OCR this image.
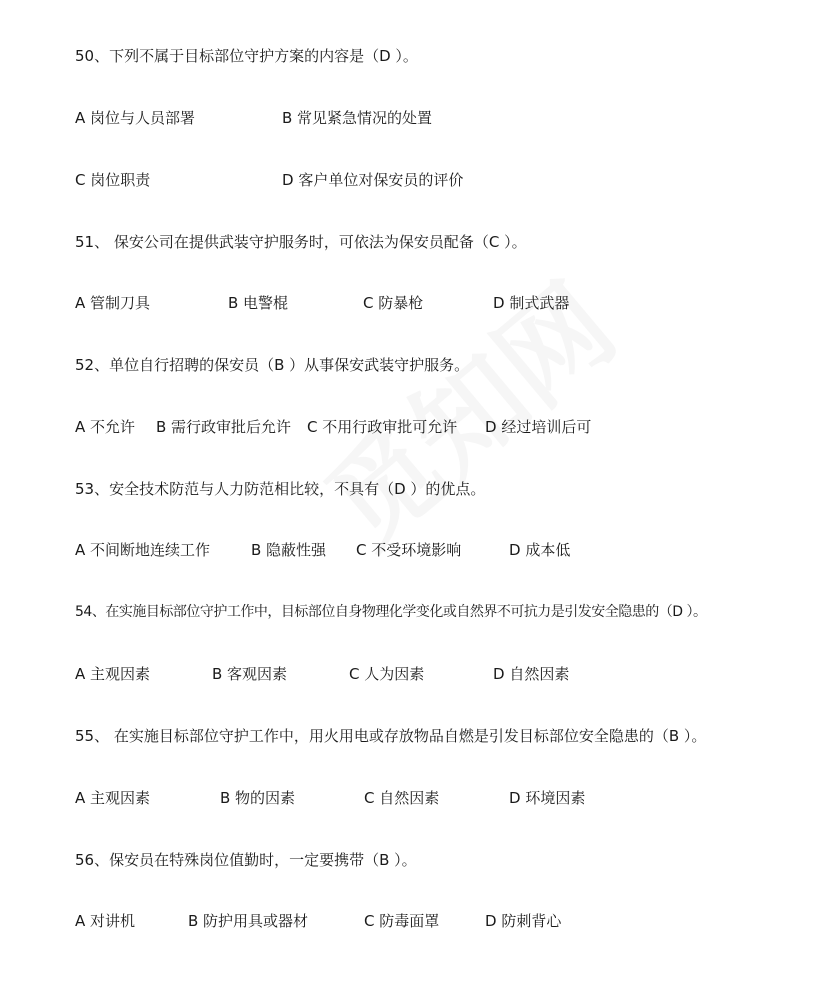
50、下列不属于目标部位守护方案的内容是（D ）。
A 岗位与人员部署	B 常见紧急情况的处置
C 岗位职责	D 客户单位对保安员的评价
51、 保安公司在提供武装守护服务时，可依法为保安员配备（C ）。
A 管制刀具	B 电警棍	C 防暴枪	D 制式武器
52、单位自行招聘的保安员（B ）从事保安武装守护服务。
A 不允许 B 需行政审批后允许 C 不用行政审批可允许 D 经过培训后可
53、安全技术防范与人力防范相比较，不具有（D ）的优点。
A 不间断地连续工作	B 隐蔽性强 C 不受环境影响	D 成本低
54、在实施目标部位守护工作中，目标部位自身物理化学变化或自然界不可抗力是引发安全隐患的（D ）。
A 主观因素	B 客观因素	C 人为因素	D 自然因素
55、 在实施目标部位守护工作中，用火用电或存放物品自燃是引发目标部位安全隐患的（B ）。
A 主观因素	B 物的因素	C 自然因素	D 环境因素
56、保安员在特殊岗位值勤时，一定要携带（B ）。
A 对讲机	B 防护用具或器材	C 防毒面罩	D 防刺背心
